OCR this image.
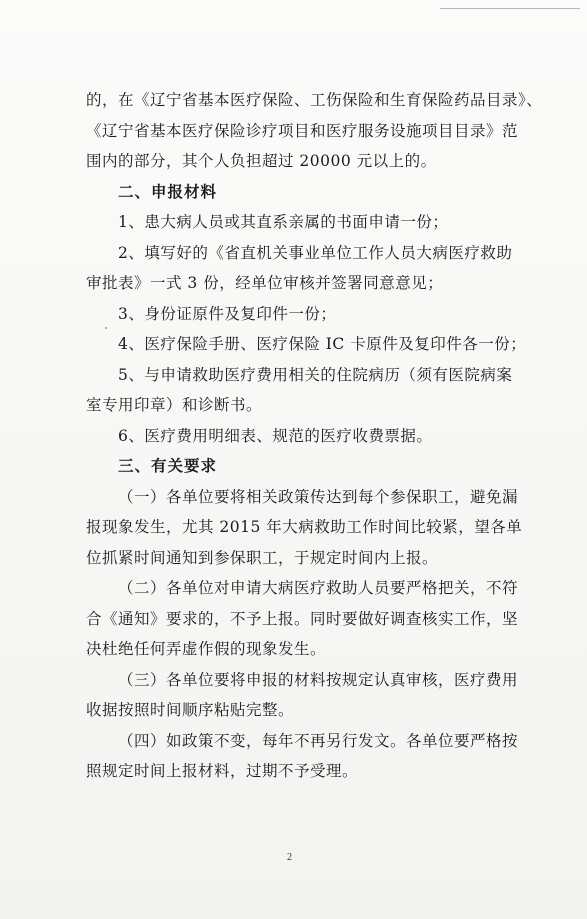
的，在《辽宁省基本医疗保险、工伤保险和生育保险药品目录》、
《辽宁省基本医疗保险诊疗项目和医疗服务设施项目目录》范
围内的部分，其个人负担超过 20000 元以上的。
二、申报材料
1、患大病人员或其直系亲属的书面申请一份；
2、填写好的《省直机关事业单位工作人员大病医疗救助
审批表》一式 3 份，经单位审核并签署同意意见；
3、身份证原件及复印件一份；
4、医疗保险手册、医疗保险 IC 卡原件及复印件各一份；
5、与申请救助医疗费用相关的住院病历（须有医院病案
室专用印章）和诊断书。
6、医疗费用明细表、规范的医疗收费票据。
三、有关要求
（一）各单位要将相关政策传达到每个参保职工，避免漏
报现象发生，尤其 2015 年大病救助工作时间比较紧，望各单
位抓紧时间通知到参保职工，于规定时间内上报。
（二）各单位对申请大病医疗救助人员要严格把关，不符
合《通知》要求的，不予上报。同时要做好调查核实工作，坚
决杜绝任何弄虚作假的现象发生。
（三）各单位要将申报的材料按规定认真审核，医疗费用
收据按照时间顺序粘贴完整。
（四）如政策不变，每年不再另行发文。各单位要严格按
照规定时间上报材料，过期不予受理。
2
